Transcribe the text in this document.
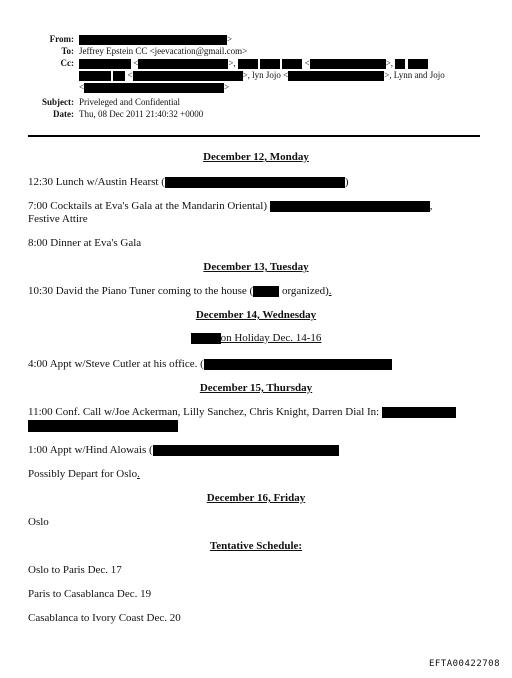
From:	>
To: Jeffrey Epstein CC <jeevacation@gmail.com>
Cc:	<	>,	<	>,
<	>, lyn Jojo <	>, Lynn and Jojo
<	>
Subject: Priveleged and Confidential
Date: Thu, 08 Dec 2011 21:40:32 +0000
December 12, Monday
12:30 Lunch w/Austin Hearst (	)
7:00 Cocktails at Eva's Gala at the Mandarin Oriental)	,
Festive Attire
8:00 Dinner at Eva's Gala
December 13, Tuesday
10:30 David the Piano Tuner coming to the house (	organized).
December 14, Wednesday
on Holiday Dec. 14-16
4:00 Appt w/Steve Cutler at his office. (
December 15, Thursday
11:00 Conf. Call w/Joe Ackerman, Lilly Sanchez, Chris Knight, Darren Dial In:
1:00 Appt w/Hind Alowais (
Possibly Depart for Oslo.
December 16, Friday
Oslo
Tentative Schedule:
Oslo to Paris Dec. 17
Paris to Casablanca Dec. 19
Casablanca to Ivory Coast Dec. 20
EFTA00422708
